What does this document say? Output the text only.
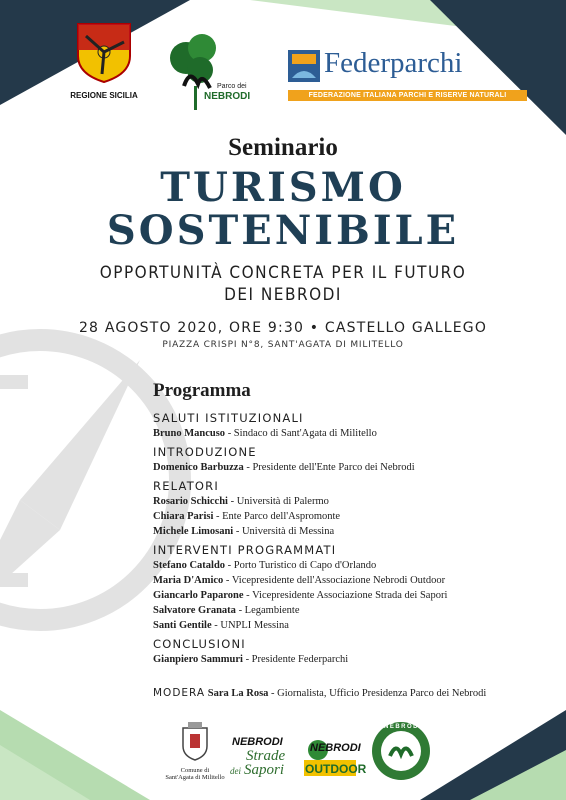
REGIONE SICILIA
Parco dei
NEBRODI
Federparchi
FEDERAZIONE ITALIANA PARCHI E RISERVE NATURALI
Seminario
TURISMO
SOSTENIBILE
OPPORTUNITÀ CONCRETA PER IL FUTURO
DEI NEBRODI
28 AGOSTO 2020, ORE 9:30 • CASTELLO GALLEGO
PIAZZA CRISPI N°8, SANT'AGATA DI MILITELLO
Programma
SALUTI ISTITUZIONALI
Bruno Mancuso - Sindaco di Sant'Agata di Militello
INTRODUZIONE
Domenico Barbuzza - Presidente dell'Ente Parco dei Nebrodi
RELATORI
Rosario Schicchi - Università di Palermo
Chiara Parisi - Ente Parco dell'Aspromonte
Michele Limosani - Università di Messina
INTERVENTI PROGRAMMATI
Stefano Cataldo - Porto Turistico di Capo d'Orlando
Maria D'Amico - Vicepresidente dell'Associazione Nebrodi Outdoor
Giancarlo Paparone - Vicepresidente Associazione Strada dei Sapori
Salvatore Granata - Legambiente
Santi Gentile - UNPLI Messina
CONCLUSIONI
Gianpiero Sammuri - Presidente Federparchi
MODERA Sara La Rosa - Giornalista, Ufficio Presidenza Parco dei Nebrodi
Comune di
Sant'Agata di Militello
NEBRODI
Strade
dei Sapori
NEBRODI
OUTDOOR
NEBRODI
